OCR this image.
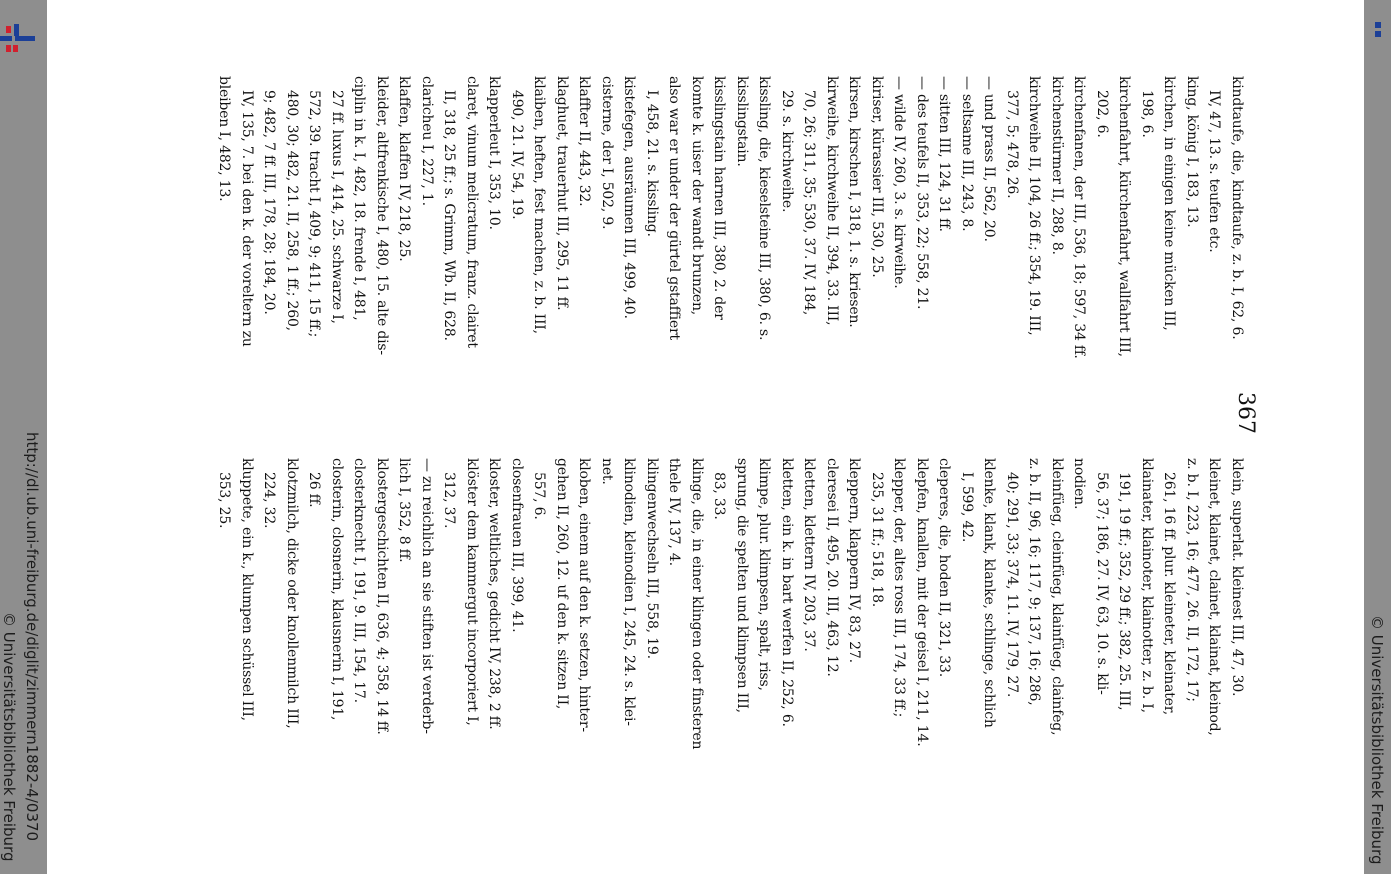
http://dl.ub.uni-freiburg.de/diglit/zimmern1882-4/0370
© Universitätsbibliothek Freiburg
367
klein, superlat. kleinest III, 47, 30.
kleinet, klainet, clainet, klainat, kleinod,
z. b. I, 223, 16; 477, 26. II, 172, 17;
261, 16 ff. plur. kleineter, kleinater,
klainater, klainoter, klainotter, z. b. I,
191, 19 ff.; 352, 29 ff.; 382, 25. III,
56, 37; 186, 27. IV, 63, 10. s. kli-
nodien.
kleinfüeg, cleinfüeg, klainfüeg, clainfeg,
z. b. II, 96, 16; 117, 9; 137, 16; 286,
40; 291, 33; 374, 11. IV, 179, 27.
klenke, klank, klanke, schlinge, schlich
I, 599, 42.
cleperes, die, hoden II, 321, 33.
klepfen, knallen, mit der geisel I, 211, 14.
klepper, der, altes ross III, 174, 33 ff.;
235, 31 ff.; 518, 18.
kleppern, klappern IV, 83, 27.
cleresei II, 495, 20. III, 463, 12.
kletten, klettern IV, 203, 37.
kletten, ein k. in bart werfen II, 252, 6.
klimpe, plur. klimpsen, spalt, riss,
sprung, die spelten und klimpsen III,
83, 33.
klinge, die, in einer klingen oder finsteren
thele IV, 137, 4.
klingenwechseln III, 558, 19.
klinodien, kleinodien I, 245, 24. s. klei-
net.
kloben, einem auf den k. setzen, hinter-
gehen II, 260, 12. uf den k. sitzen II,
557, 6.
closenfrauen III, 399, 41.
kloster, weltliches, gedicht IV, 238, 2 ff.
klöster dem kammergut incorporiert I,
312, 37.
— zu reichlich an sie stiften ist verderb-
lich I, 352, 8 ff.
klostergeschichten II, 636, 4; 358, 14 ff.
closterknecht I, 191, 9. III, 154, 17.
closterin, closnerin, klausnerin I, 191,
26 ff.
klotzmilch, dicke oder knollenmilch III,
224, 32.
kluppete, ein k., klumpen schüssel III,
353, 25.
kindtaufe, die, kindtaufe, z. b. I, 62, 6.
IV, 47, 13. s. teufen etc.
king, könig I, 183, 13.
kirchen, in einigen keine mücken III,
198, 6.
kirchenfahrt, kürchenfahrt, wallfahrt III,
202, 6.
kirchenfanen, der III, 536, 18; 597, 34 ff.
kirchenstürmer II, 288, 8.
kirchweihe II, 104, 26 ff.; 354, 19. III,
377, 5; 478, 26.
— und prass II, 562, 20.
— seltsame III, 243, 8.
— sitten III, 124, 31 ff.
— des teufels II, 353, 22; 558, 21.
— wilde IV, 260, 3. s. kirweihe.
kiriser, kürassier III, 530, 25.
kirsen, kirschen I, 318, 1. s. kriesen.
kirweihe, kirchweihe II, 394, 33. III,
70, 26; 311, 35; 530, 37. IV, 184,
29. s. kirchweihe.
kissling, die, kieselsteine III, 380, 6. s.
kisslingstain.
kisslingstain harnen III, 380, 2. der
komte k. uiser der wandt brunzen,
also war er under der gürtel gstaffiert
I, 458, 21. s. kissling.
kistefegen, ausräumen III, 499, 40.
cisterne, der I, 502, 9.
klaffter II, 443, 32.
klaghuet, trauerhut III, 295, 11 ff.
klaiben, heften, fest machen, z. b. III,
490, 21. IV, 54, 19.
klapperleut I, 353, 10.
claret, vinum melicratum, franz. clairet
II, 318, 25 ff.; s. Grimm, Wb. II, 628.
claricheu I, 227, 1.
klaffen, klaffen IV, 218, 25.
kleider, altfrenkische I, 480, 15. alte dis-
ciplin in k. I, 482, 18. frende I, 481,
27 ff. luxus I, 414, 25. schwarze I,
572, 39. tracht I, 409, 9; 411, 15 ff.;
480, 30; 482, 21. II, 258, 1 ff.; 260,
9; 482, 7 ff. III, 178, 28; 184, 20.
IV, 135, 7. bei den k. der voreltern zu
bleiben I, 482, 13.
© Universitätsbibliothek Freiburg
